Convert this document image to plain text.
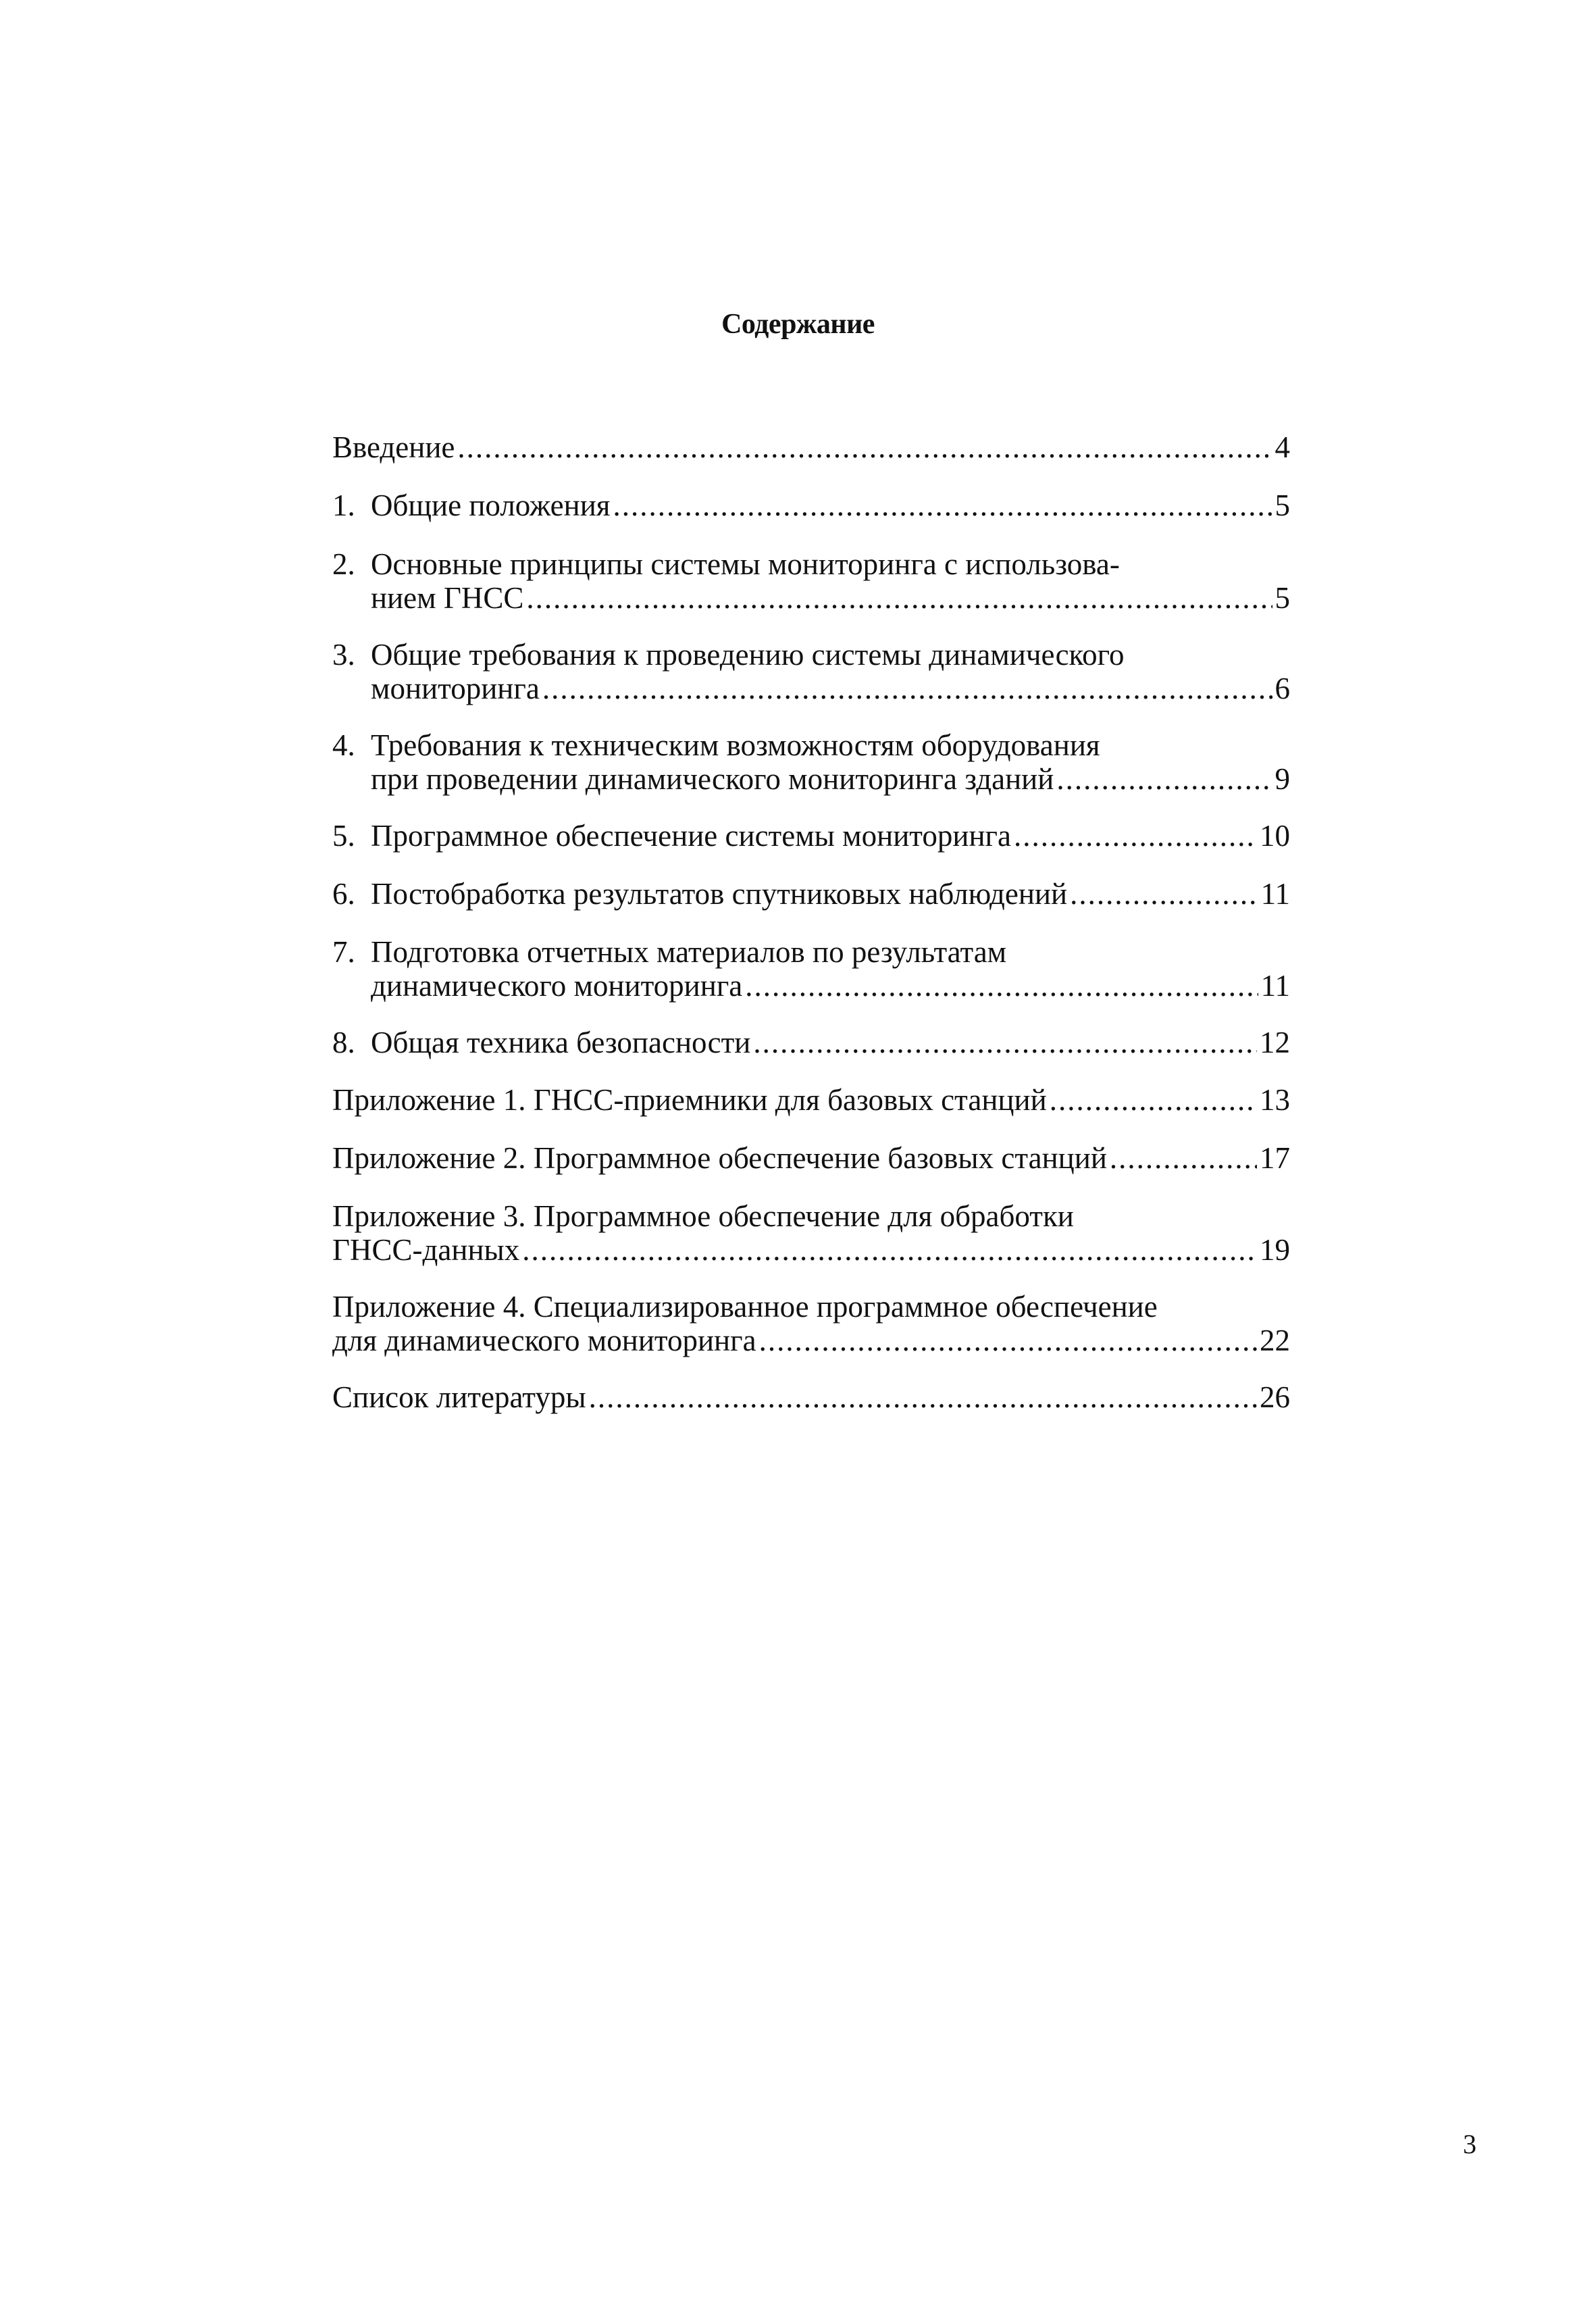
Содержание
Введение .....	4
1. Общие положения .....	5
2. Основные принципы системы мониторинга с использова-
нием ГНСС .....	5
3. Общие требования к проведению системы динамического
мониторинга .....	6
4. Требования к техническим возможностям оборудования
при проведении динамического мониторинга зданий .....	9
5. Программное обеспечение системы мониторинга .....	10
6. Постобработка результатов спутниковых наблюдений .....	11
7. Подготовка отчетных материалов по результатам
динамического мониторинга .....	11
8. Общая техника безопасности .....	12
Приложение 1. ГНСС-приемники для базовых станций .....	13
Приложение 2. Программное обеспечение базовых станций .....	17
Приложение 3. Программное обеспечение для обработки
ГНСС-данных .....	19
Приложение 4. Специализированное программное обеспечение
для динамического мониторинга .....	22
Список литературы .....	26
3
